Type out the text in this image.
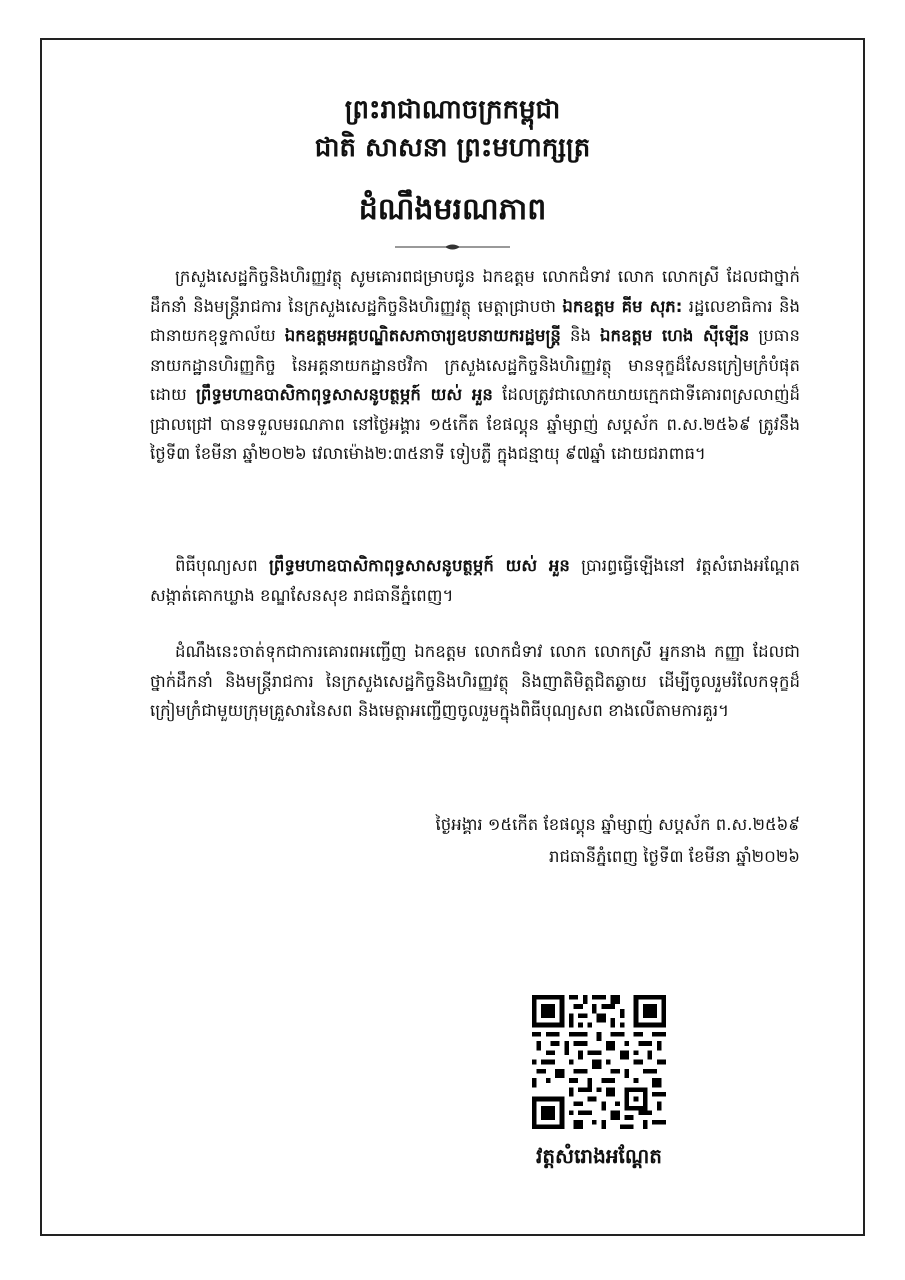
ព្រះរាជាណាចក្រកម្ពុជា
ជាតិ សាសនា ព្រះមហាក្សត្រ
ដំណឹងមរណភាព

ក្រសួងសេដ្ឋកិច្ចនិងហិរញ្ញវត្ថុ សូមគោរពជម្រាបជូន ឯកឧត្តម លោកជំទាវ លោក លោកស្រី ដែលជាថ្នាក់ដឹកនាំ និងមន្ត្រីរាជការ នៃក្រសួងសេដ្ឋកិច្ចនិងហិរញ្ញវត្ថុ មេត្តាជ្រាបថា ឯកឧត្តម គីម សុភ: រដ្ឋលេខាធិការ និងជានាយកខុទ្ទកាល័យ ឯកឧត្តមអគ្គបណ្ឌិតសភាចារ្យឧបនាយករដ្ឋមន្ត្រី និង ឯកឧត្តម ហេង ស៊ីឡើន ប្រធាននាយកដ្ឋានហិរញ្ញកិច្ច នៃអគ្គនាយកដ្ឋានថវិកា ក្រសួងសេដ្ឋកិច្ចនិងហិរញ្ញវត្ថុ មានទុក្ខដ៏សែនក្រៀមក្រំបំផុតដោយ ព្រឹទ្ធមហាឧបាសិកាពុទ្ធសាសនូបត្ថម្ភក៍ យស់ អួន ដែលត្រូវជាលោកយាយក្មេកជាទីគោរពស្រលាញ់ដ៏ជ្រាលជ្រៅ បានទទួលមរណភាព នៅថ្ងៃអង្គារ ១៥កើត ខែផល្គុន ឆ្នាំម្សាញ់ សប្តស័ក ព.ស.២៥៦៩ ត្រូវនឹងថ្ងៃទី៣ ខែមីនា ឆ្នាំ២០២៦ វេលាម៉ោង២:៣៥នាទី ទៀបភ្លឺ ក្នុងជន្មាយុ ៩៧ឆ្នាំ ដោយជរាពាធ។

ពិធីបុណ្យសព ព្រឹទ្ធមហាឧបាសិកាពុទ្ធសាសនូបត្ថម្ភក៍ យស់ អួន ប្រារព្ធធ្វើឡើងនៅ វត្តសំរោងអណ្តែត សង្កាត់គោកឃ្លាង ខណ្ឌសែនសុខ រាជធានីភ្នំពេញ។

ដំណឹងនេះចាត់ទុកជាការគោរពអញ្ជើញ ឯកឧត្តម លោកជំទាវ លោក លោកស្រី អ្នកនាង កញ្ញា ដែលជាថ្នាក់ដឹកនាំ និងមន្ត្រីរាជការ នៃក្រសួងសេដ្ឋកិច្ចនិងហិរញ្ញវត្ថុ និងញាតិមិត្តជិតឆ្ងាយ ដើម្បីចូលរួមរំលែកទុក្ខដ៏ក្រៀមក្រំជាមួយក្រុមគ្រួសារនៃសព និងមេត្តាអញ្ជើញចូលរួមក្នុងពិធីបុណ្យសព ខាងលើតាមការគួរ។

ថ្ងៃអង្គារ ១៥កើត ខែផល្គុន ឆ្នាំម្សាញ់ សប្តស័ក ព.ស.២៥៦៩
រាជធានីភ្នំពេញ ថ្ងៃទី៣ ខែមីនា ឆ្នាំ២០២៦
វត្តសំរោងអណ្តែត
